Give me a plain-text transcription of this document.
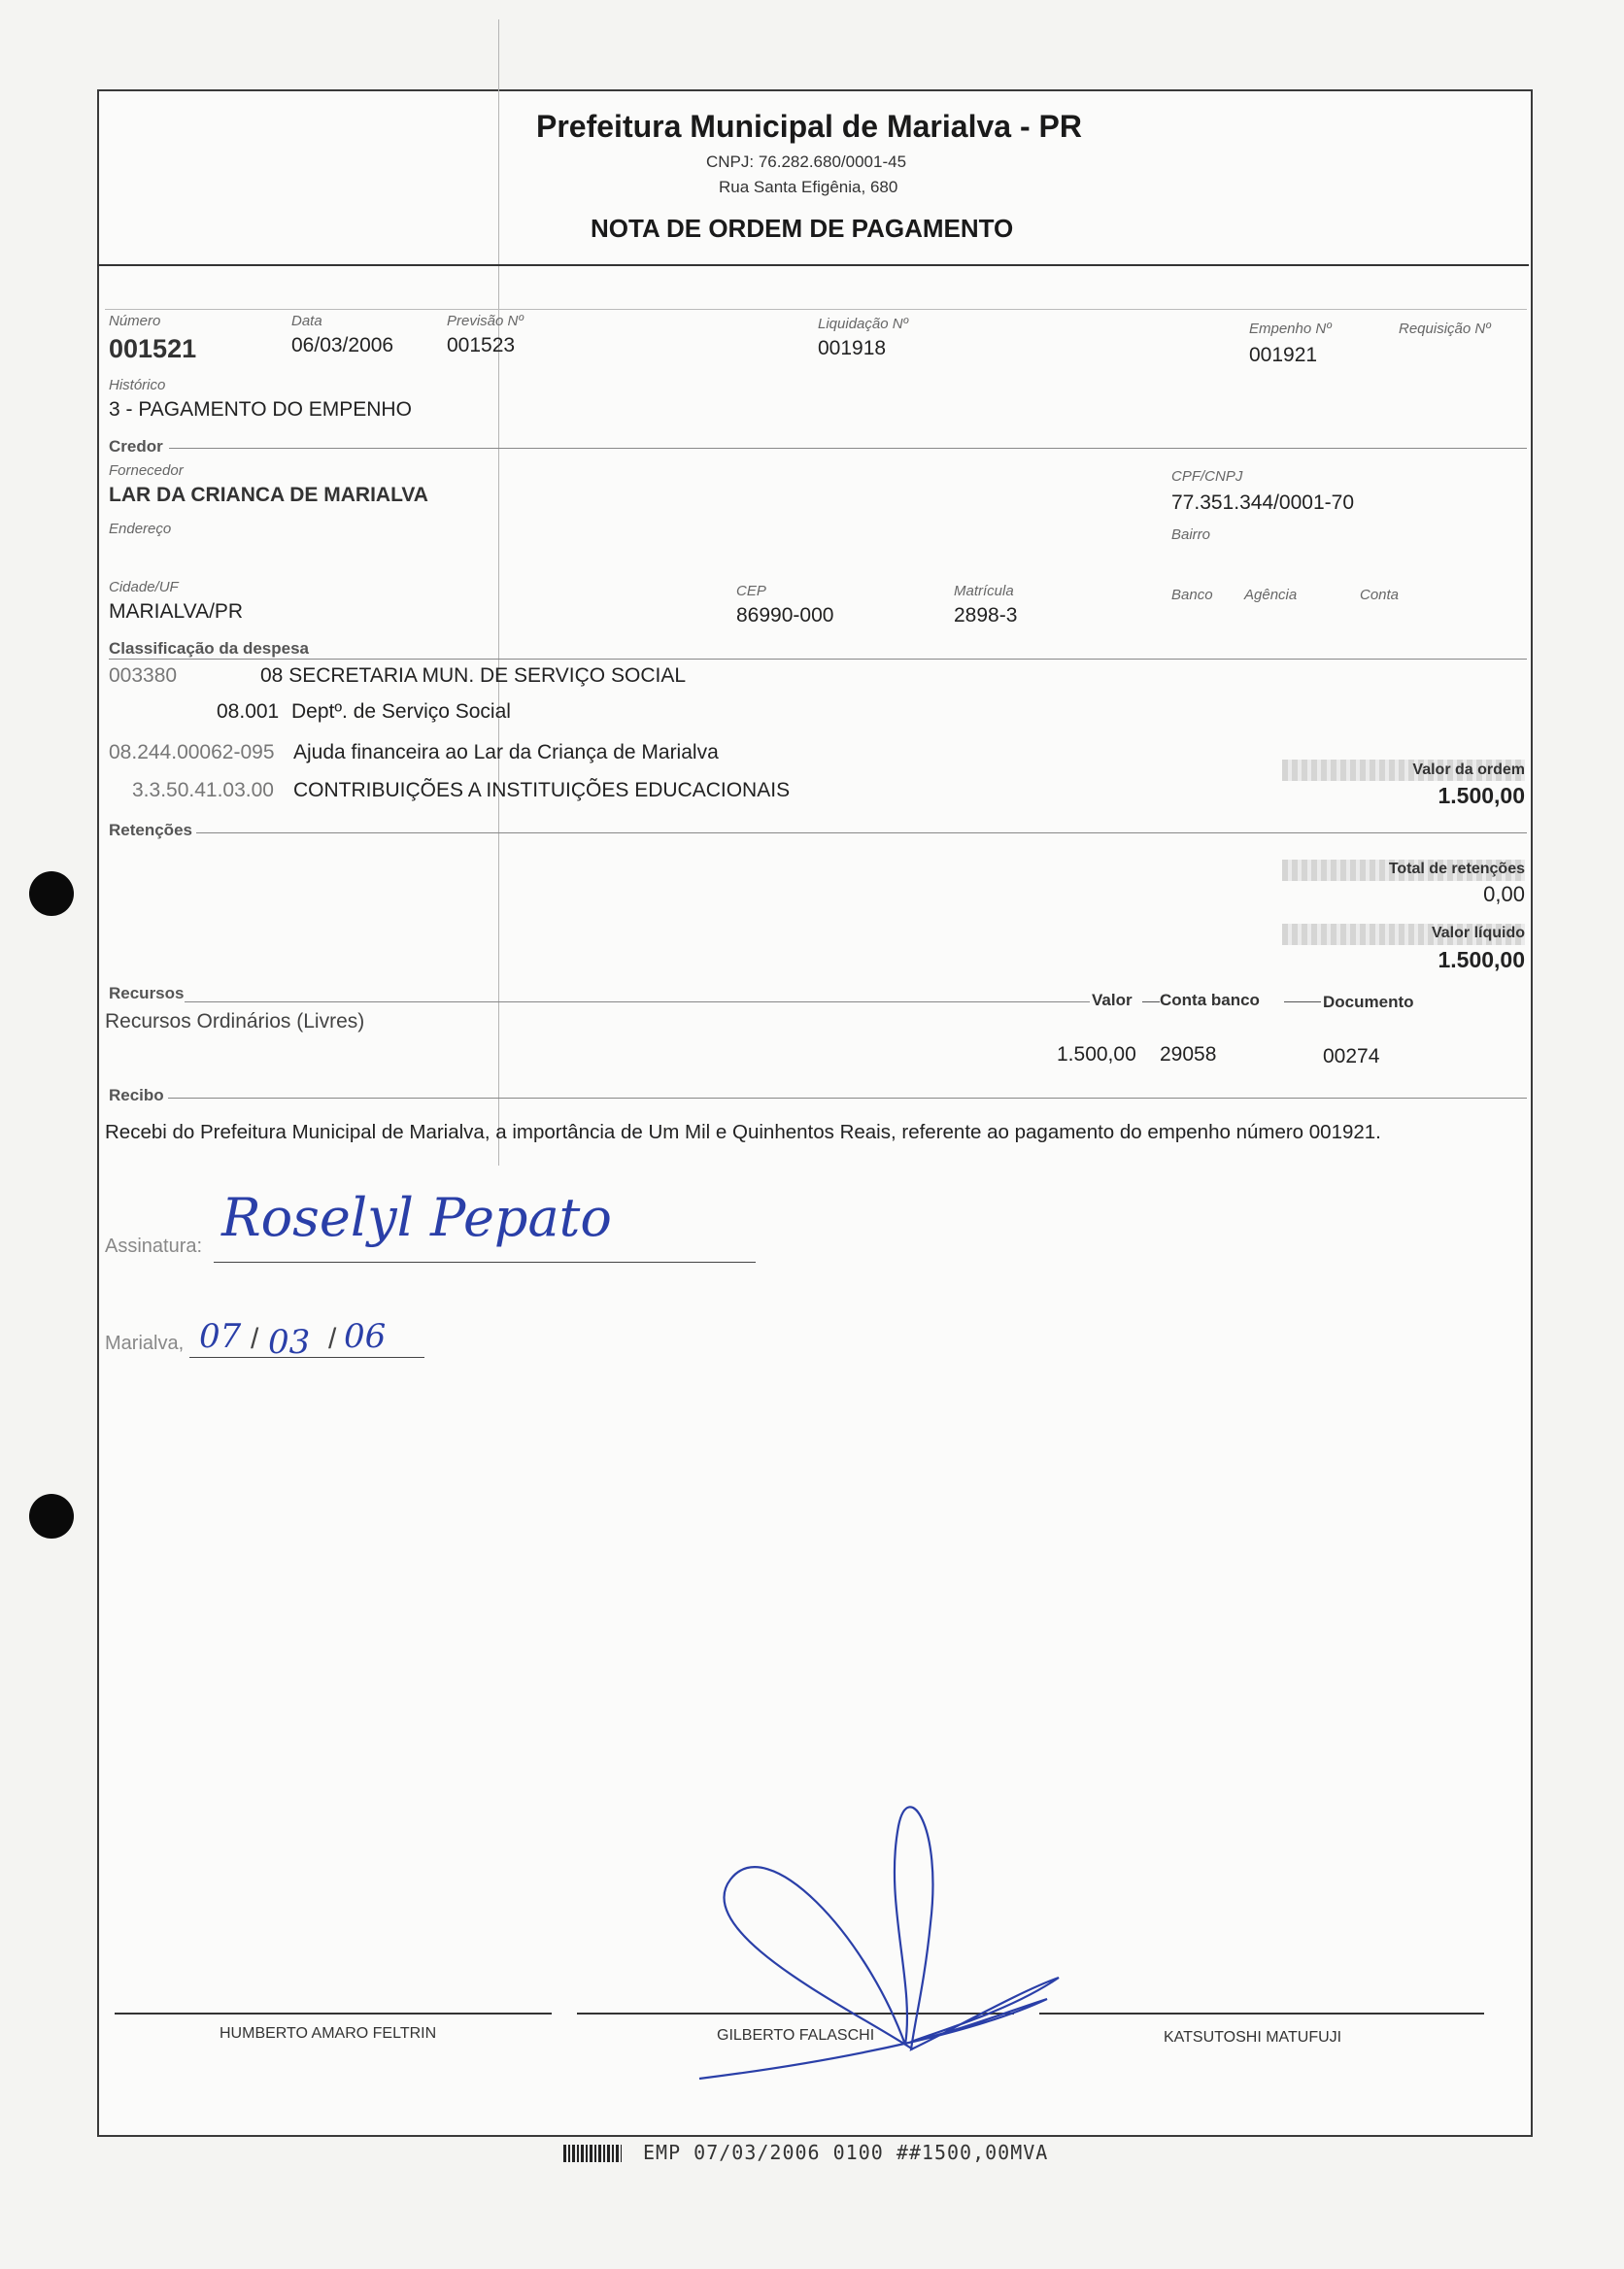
Prefeitura Municipal de Marialva - PR
CNPJ: 76.282.680/0001-45
Rua Santa Efigênia, 680
NOTA DE ORDEM DE PAGAMENTO
Número
001521
Data
06/03/2006
Previsão Nº
001523
Liquidação Nº
001918
Empenho Nº
001921
Requisição Nº
Histórico
3 - PAGAMENTO DO EMPENHO
Credor
Fornecedor
LAR DA CRIANCA DE MARIALVA
CPF/CNPJ
77.351.344/0001-70
Endereço	Bairro
Cidade/UF
MARIALVA/PR
CEP
86990-000
Matrícula
2898-3
Banco Agência	Conta
Classificação da despesa
003380	08 SECRETARIA MUN. DE SERVIÇO SOCIAL
08.001 Deptº. de Serviço Social
08.244.00062-095 Ajuda financeira ao Lar da Criança de Marialva
3.3.50.41.03.00 CONTRIBUIÇÕES A INSTITUIÇÕES EDUCACIONAIS
Valor da ordem
1.500,00
Retenções
Total de retenções
0,00
Valor líquido
1.500,00
Recursos	Valor Conta banco	Documento
Recursos Ordinários (Livres)
1.500,00 29058	00274
Recibo
Recebi do Prefeitura Municipal de Marialva, a importância de Um Mil e Quinhentos Reais, referente ao pagamento do empenho número 001921.
Assinatura: Roselyl Pepato
Marialva, 07 / 03 / 06
HUMBERTO AMARO FELTRIN	GILBERTO FALASCHI	KATSUTOSHI MATUFUJI
EMP 07/03/2006 0100 ##1500,00MVA
